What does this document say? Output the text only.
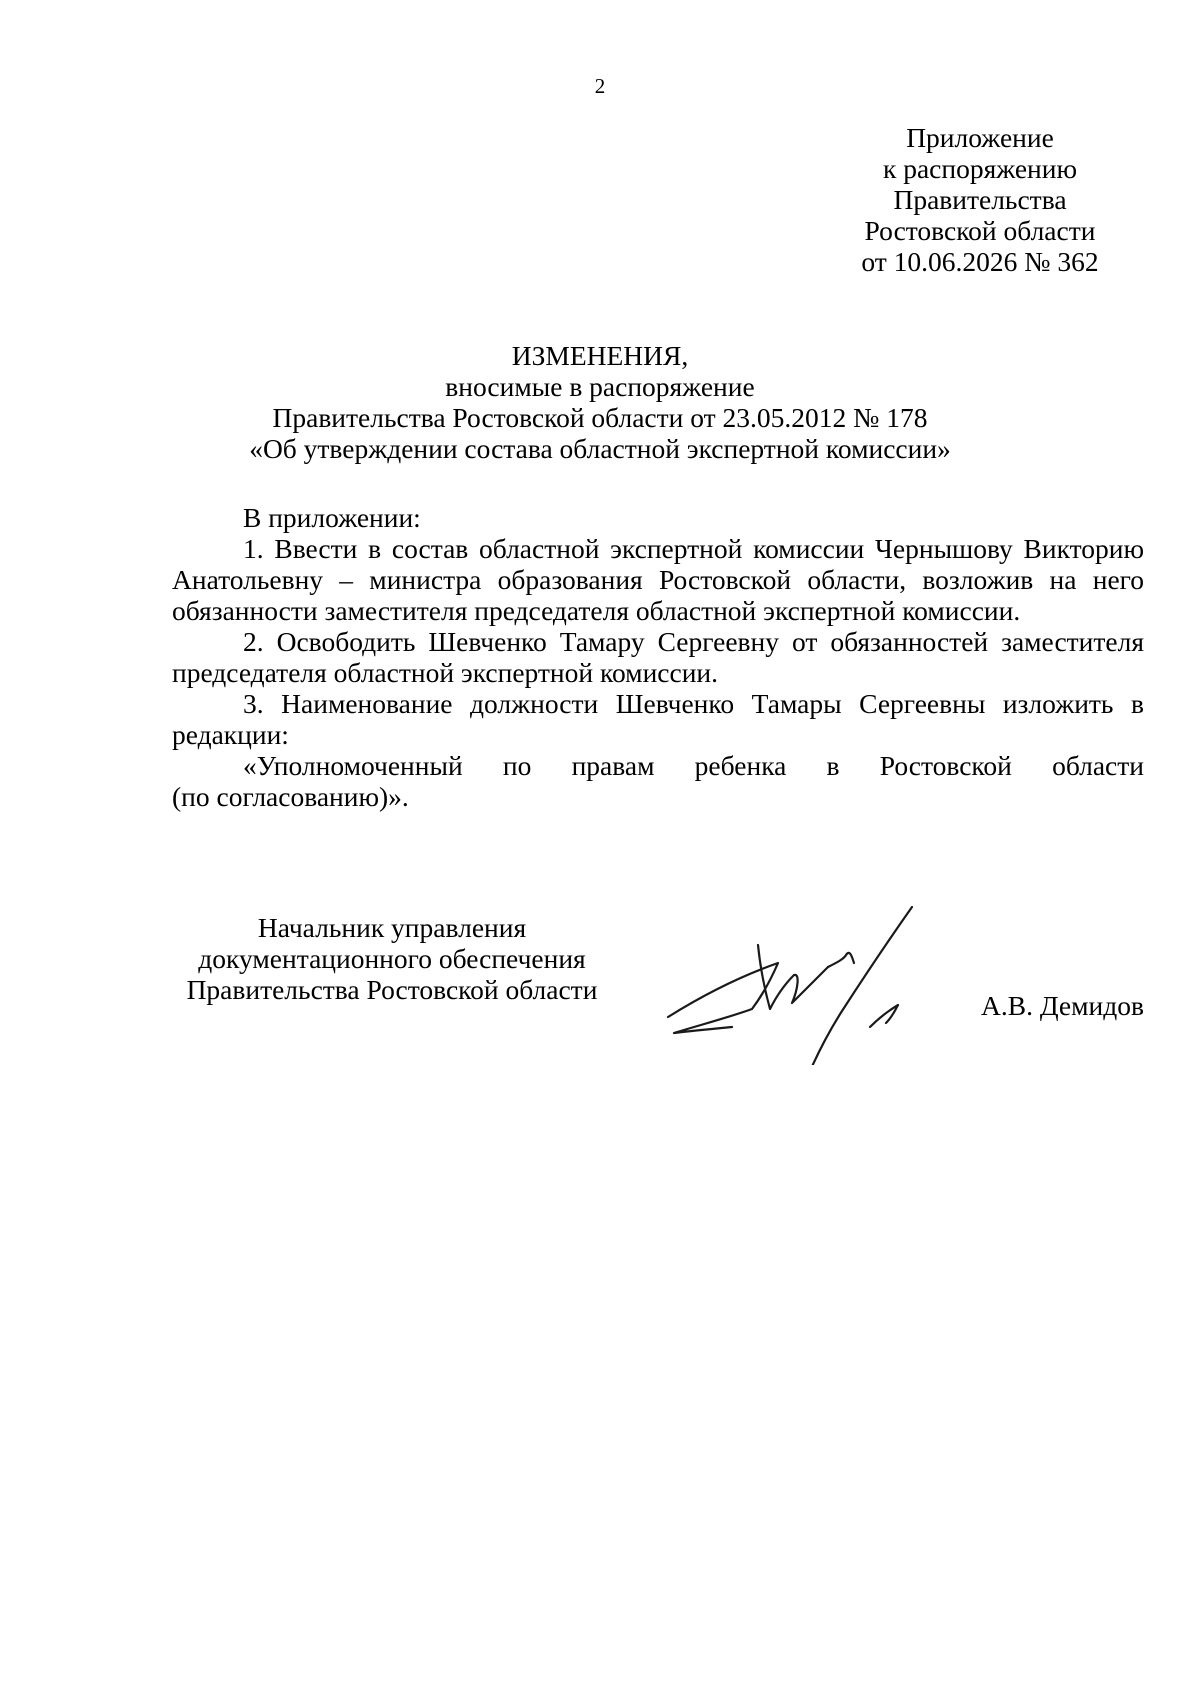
2
Приложение
к распоряжению
Правительства
Ростовской области
от 10.06.2026 № 362
ИЗМЕНЕНИЯ,
вносимые в распоряжение
Правительства Ростовской области от 23.05.2012 № 178
«Об утверждении состава областной экспертной комиссии»
В приложении:
1. Ввести в состав областной экспертной комиссии Чернышову Викторию Анатольевну – министра образования Ростовской области, возложив на него обязанности заместителя председателя областной экспертной комиссии.
2. Освободить Шевченко Тамару Сергеевну от обязанностей заместителя председателя областной экспертной комиссии.
3. Наименование должности Шевченко Тамары Сергеевны изложить в редакции:
«Уполномоченный по правам ребенка в Ростовской области
(по согласованию)».
Начальник управления
документационного обеспечения
Правительства Ростовской области
А.В. Демидов
